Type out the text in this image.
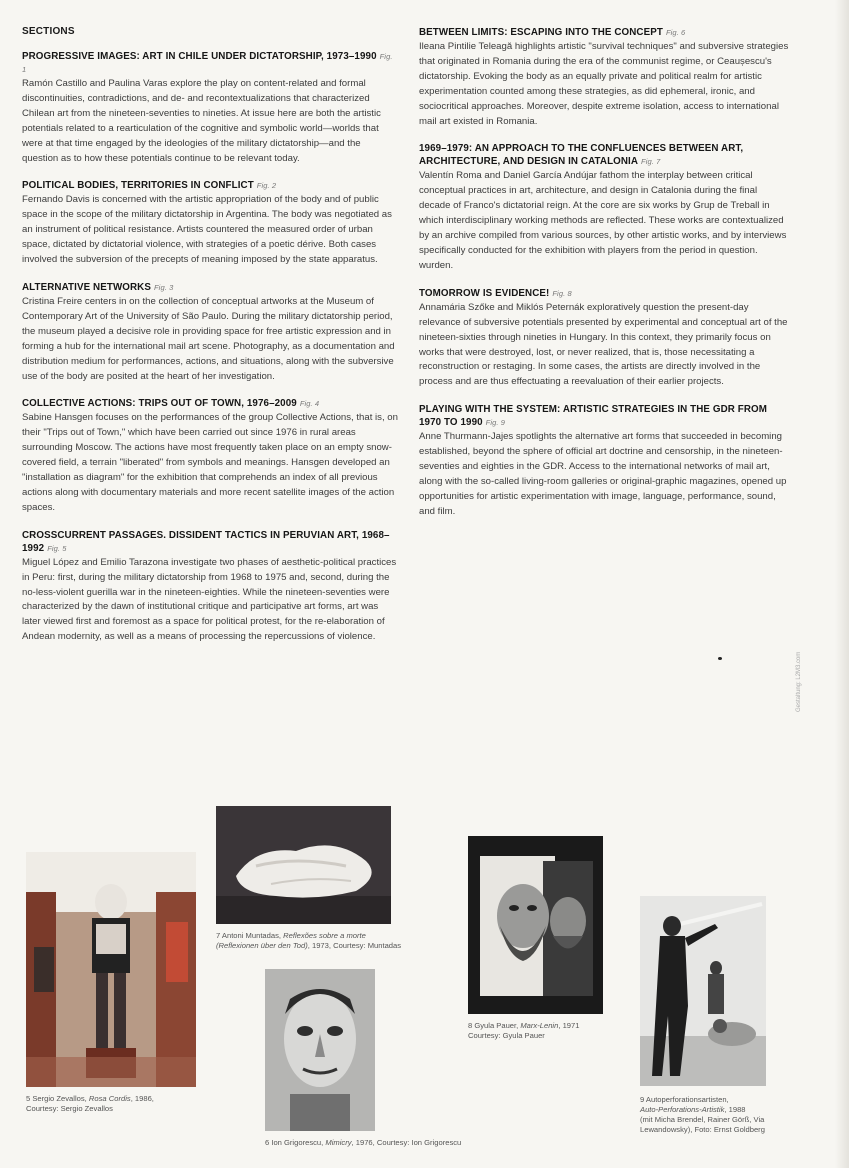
SECTIONS
PROGRESSIVE IMAGES: ART IN CHILE UNDER DICTATORSHIP, 1973–1990 Fig. 1

Ramón Castillo and Paulina Varas explore the play on content-related and formal discontinuities, contradictions, and de- and recontextualizations that characterized Chilean art from the nineteen-seventies to nineties. At issue here are both the artistic potentials related to a rearticulation of the cognitive and symbolic world—worlds that were at that time engaged by the ideologies of the military dictatorship—and the question as to how these potentials continue to be relevant today.

POLITICAL BODIES, TERRITORIES IN CONFLICT Fig. 2

Fernando Davis is concerned with the artistic appropriation of the body and of public space in the scope of the military dictatorship in Argentina. The body was negotiated as an instrument of political resistance. Artists countered the measured order of urban space, dictated by dictatorial violence, with strategies of a poetic dérive. Both cases involved the subversion of the precepts of meaning imposed by the state apparatus.

ALTERNATIVE NETWORKS Fig. 3

Cristina Freire centers in on the collection of conceptual artworks at the Museum of Contemporary Art of the University of São Paulo. During the military dictatorship period, the museum played a decisive role in providing space for free artistic expression and in forming a hub for the international mail art scene. Photography, as a documentation and distribution medium for performances, actions, and situations, along with the subversive use of the body are posited at the heart of her investigation.

COLLECTIVE ACTIONS: TRIPS OUT OF TOWN, 1976–2009 Fig. 4

Sabine Hansgen focuses on the performances of the group Collective Actions, that is, on their "Trips out of Town," which have been carried out since 1976 in rural areas surrounding Moscow. The actions have most frequently taken place on an empty snow-covered field, a terrain "liberated" from symbols and meanings. Hansgen developed an "installation as diagram" for the exhibition that comprehends an index of all previous actions along with documentary materials and more recent satellite images of the action spaces.

CROSSCURRENT PASSAGES. DISSIDENT TACTICS IN PERUVIAN ART, 1968–1992 Fig. 5

Miguel López and Emilio Tarazona investigate two phases of aesthetic-political practices in Peru: first, during the military dictatorship from 1968 to 1975 and, second, during the no-less-violent guerilla war in the nineteen-eighties. While the nineteen-seventies were characterized by the dawn of institutional critique and participative art forms, art was later viewed first and foremost as a space for political protest, for the re-elaboration of Andean modernity, as well as a means of processing the repercussions of violence.

BETWEEN LIMITS: ESCAPING INTO THE CONCEPT Fig. 6

Ileana Pintilie Teleagă highlights artistic "survival techniques" and subversive strategies that originated in Romania during the era of the communist regime, or Ceaușescu's dictatorship. Evoking the body as an equally private and political realm for artistic experimentation counted among these strategies, as did ephemeral, ironic, and sociocritical approaches. Moreover, despite extreme isolation, access to international mail art existed in Romania.

1969–1979: AN APPROACH TO THE CONFLUENCES BETWEEN ART, ARCHITECTURE, AND DESIGN IN CATALONIA Fig. 7

Valentín Roma and Daniel García Andújar fathom the interplay between critical conceptual practices in art, architecture, and design in Catalonia during the final decade of Franco's dictatorial reign. At the core are six works by Grup de Treball in which interdisciplinary working methods are reflected. These works are contextualized by an archive compiled from various sources, by other artistic works, and by interviews specifically conducted for the exhibition with players from the period in question. wurden.

TOMORROW IS EVIDENCE! Fig. 8

Annamária Szőke and Miklós Peternák exploratively question the present-day relevance of subversive potentials presented by experimental and conceptual art of the nineteen-sixties through nineties in Hungary. In this context, they primarily focus on works that were destroyed, lost, or never realized, that is, those necessitating a reconstruction or restaging. In some cases, the artists are directly involved in the process and are thus effectuating a reevaluation of their earlier projects.

PLAYING WITH THE SYSTEM: ARTISTIC STRATEGIES IN THE GDR FROM 1970 TO 1990 Fig. 9

Anne Thurmann-Jajes spotlights the alternative art forms that succeeded in becoming established, beyond the sphere of official art doctrine and censorship, in the nineteen-seventies and eighties in the GDR. Access to the international networks of mail art, along with the so-called living-room galleries or original-graphic magazines, opened up opportunities for artistic experimentation with image, language, performance, sound, and film.

Gestaltung: L2M3.com
5 Sergio Zevallos, Rosa Cordis, 1986,
Courtesy: Sergio Zevallos
7 Antoni Muntadas, Reflexões sobre a morte
(Reflexionen über den Tod), 1973, Courtesy: Muntadas
6 Ion Grigorescu, Mimicry, 1976, Courtesy: Ion Grigorescu
8 Gyula Pauer, Marx-Lenin, 1971
Courtesy: Gyula Pauer
9 Autoperforationsartisten,
Auto-Perforations-Artistik, 1988
(mit Micha Brendel, Rainer Görß, Via Lewandowsky), Foto: Ernst Goldberg
